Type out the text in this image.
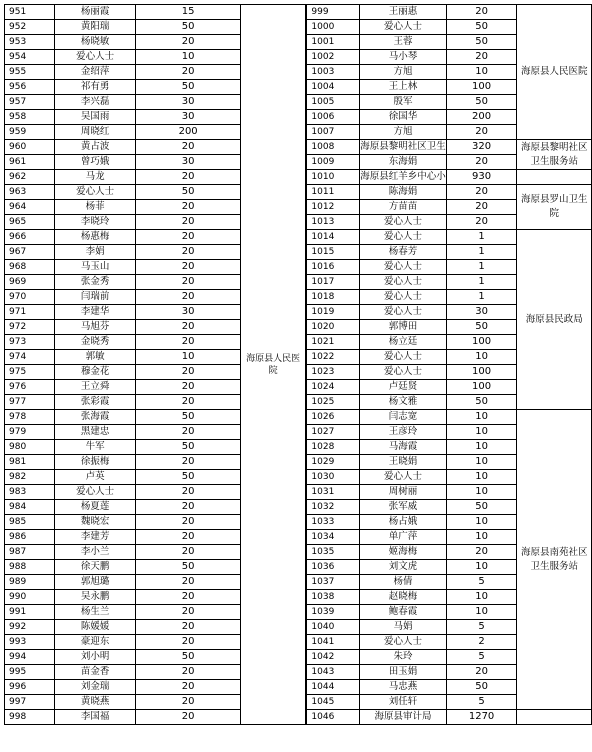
951	杨丽霞	15	海原县人民医院		999	王丽惠	20	海原县人民医院
952	黄阳瑞	50		1000	爱心人士	50	
953	杨晓敏	20		1001	王蓉	50	
954	爱心人士	10		1002	马小琴	20	
955	金绍萍	20		1003	方旭	10	
956	祁有勇	50		1004	王上林	100	
957	李兴磊	30		1005	殷军	50	
958	吴国雨	30		1006	徐国华	200	
959	周晓红	200		1007	方旭	20	
960	黄占波	20		1008	海原县黎明社区卫生	320	海原县黎明社区卫生服务站
961	曾巧娥	30		1009	东海娟	20	
962	马龙	20		1010	海原县红羊乡中心小	930	
963	爱心人士	50		1011	陈海娟	20	海原县罗山卫生院
964	杨菲	20		1012	方苗苗	20	
965	李晓玲	20		1013	爱心人士	20	
966	杨惠梅	20		1014	爱心人士	1	海原县民政局
967	李娟	20		1015	杨春芳	1	
968	马玉山	20		1016	爱心人士	1	
969	张金秀	20		1017	爱心人士	1	
970	闫瑞前	20		1018	爱心人士	1	
971	李建华	30		1019	爱心人士	30	
972	马旭芬	20		1020	郭博田	50	
973	金晓秀	20		1021	杨立廷	100	
974	郭敏	10		1022	爱心人士	10	
975	穆金花	20		1023	爱心人士	100	
976	王立舜	20		1024	卢廷贤	100	
977	张彩霞	20		1025	杨文雅	50	
978	张海霞	50		1026	闫志宽	10	海原县南苑社区卫生服务站
979	黑建忠	20		1027	王彦玲	10	
980	牛军	50		1028	马海霞	10	
981	徐振梅	20		1029	王晓娟	10	
982	卢英	50		1030	爱心人士	10	
983	爱心人士	20		1031	周树丽	10	
984	杨夏莲	20		1032	张军威	50	
985	魏晓宏	20		1033	杨占娥	10	
986	李建芳	20		1034	单广萍	10	
987	李小兰	20		1035	姬海梅	20	
988	徐天鹏	50		1036	刘文虎	10	
989	郭旭璐	20		1037	杨倩	5	
990	吴永鹏	20		1038	赵晓梅	10	
991	杨生兰	20		1039	鲍春霞	10	
992	陈媛媛	20		1040	马娟	5	
993	豪迎东	20		1041	爱心人士	2	
994	刘小明	50		1042	朱玲	5	
995	苗金香	20		1043	田玉娟	20	
996	刘金瑞	20		1044	马忠燕	50	
997	黄晓燕	20		1045	刘任轩	5	
998	李国福	20		1046	海原县审计局	1270	
